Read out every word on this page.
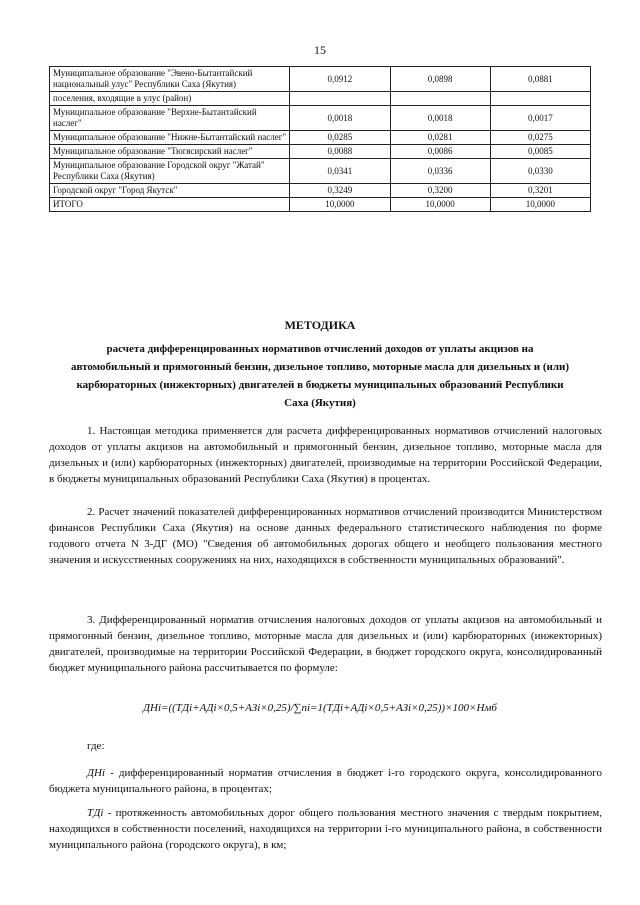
15
Муниципальное образование "Эвено-Бытантайский национальный улус" Республики Саха (Якутия)	0,0912	0,0898	0,0881
поселения, входящие в улус (район)			
Муниципальное образование "Верхне-Бытантайский наслег"	0,0018	0,0018	0,0017
Муниципальное образование "Нижне-Бытантайский наслег"	0,0285	0,0281	0,0275
Муниципальное образование "Тюгясирский наслег"	0,0088	0,0086	0,0085
Муниципальное образование Городской округ "Жатай" Республики Саха (Якутия)	0,0341	0,0336	0,0330
Городской округ "Город Якутск"	0,3249	0,3200	0,3201
ИТОГО	10,0000	10,0000	10,0000
МЕТОДИКА
расчета дифференцированных нормативов отчислений доходов от уплаты акцизов на автомобильный и прямогонный бензин, дизельное топливо, моторные масла для дизельных и (или) карбюраторных (инжекторных) двигателей в бюджеты муниципальных образований Республики Саха (Якутия)
1. Настоящая методика применяется для расчета дифференцированных нормативов отчислений налоговых доходов от уплаты акцизов на автомобильный и прямогонный бензин, дизельное топливо, моторные масла для дизельных и (или) карбюраторных (инжекторных) двигателей, производимые на территории Российской Федерации, в бюджеты муниципальных образований Республики Саха (Якутия) в процентах.
2. Расчет значений показателей дифференцированных нормативов отчислений производится Министерством финансов Республики Саха (Якутия) на основе данных федерального статистического наблюдения по форме годового отчета N 3-ДГ (МО) "Сведения об автомобильных дорогах общего и необщего пользования местного значения и искусственных сооружениях на них, находящихся в собственности муниципальных образований".
3. Дифференцированный норматив отчисления налоговых доходов от уплаты акцизов на автомобильный и прямогонный бензин, дизельное топливо, моторные масла для дизельных и (или) карбюраторных (инжекторных) двигателей, производимые на территории Российской Федерации, в бюджет городского округа, консолидированный бюджет муниципального района рассчитывается по формуле:
ДНi=((ТДi+АДi×0,5+АЗi×0,25)/∑ni=1(ТДi+АДi×0,5+АЗi×0,25))×100×Нмб
где:
ДНi - дифференцированный норматив отчисления в бюджет i-го городского округа, консолидированного бюджета муниципального района, в процентах;
ТДi - протяженность автомобильных дорог общего пользования местного значения с твердым покрытием, находящихся в собственности поселений, находящихся на территории i-го муниципального района, в собственности муниципального района (городского округа), в км;
